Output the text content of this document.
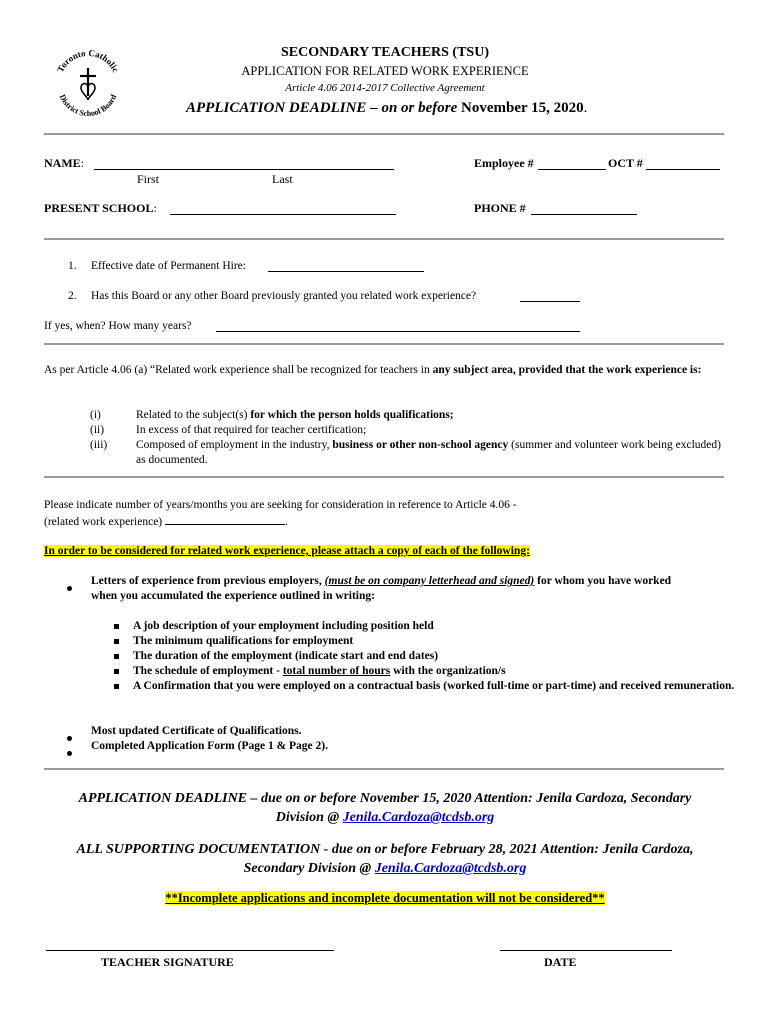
Toronto Catholic
District School Board
SECONDARY TEACHERS (TSU)
APPLICATION FOR RELATED WORK EXPERIENCE
Article 4.06 2014-2017 Collective Agreement
APPLICATION DEADLINE – on or before November 15, 2020.
NAME:
First	Last
Employee #	OCT #
PRESENT SCHOOL:	PHONE #
1. Effective date of Permanent Hire:
2. Has this Board or any other Board previously granted you related work experience?
If yes, when? How many years?
As per Article 4.06 (a) “Related work experience shall be recognized for teachers in any subject area, provided that the work experience is:
(i)	Related to the subject(s) for which the person holds qualifications;
(ii)	In excess of that required for teacher certification;
(iii)	Composed of employment in the industry, business or other non-school agency (summer and volunteer work being excluded) as documented.
Please indicate number of years/months you are seeking for consideration in reference to Article 4.06 -
(related work experience)	.
In order to be considered for related work experience, please attach a copy of each of the following:
Letters of experience from previous employers, (must be on company letterhead and signed) for whom you have worked when you accumulated the experience outlined in writing:
A job description of your employment including position held
The minimum qualifications for employment
The duration of the employment (indicate start and end dates)
The schedule of employment - total number of hours with the organization/s
A Confirmation that you were employed on a contractual basis (worked full-time or part-time) and received remuneration.
Most updated Certificate of Qualifications.
Completed Application Form (Page 1 & Page 2).
APPLICATION DEADLINE – due on or before November 15, 2020 Attention: Jenila Cardoza, Secondary
Division @ Jenila.Cardoza@tcdsb.org
ALL SUPPORTING DOCUMENTATION - due on or before February 28, 2021 Attention: Jenila Cardoza,
Secondary Division @ Jenila.Cardoza@tcdsb.org
**Incomplete applications and incomplete documentation will not be considered**
TEACHER SIGNATURE	DATE
